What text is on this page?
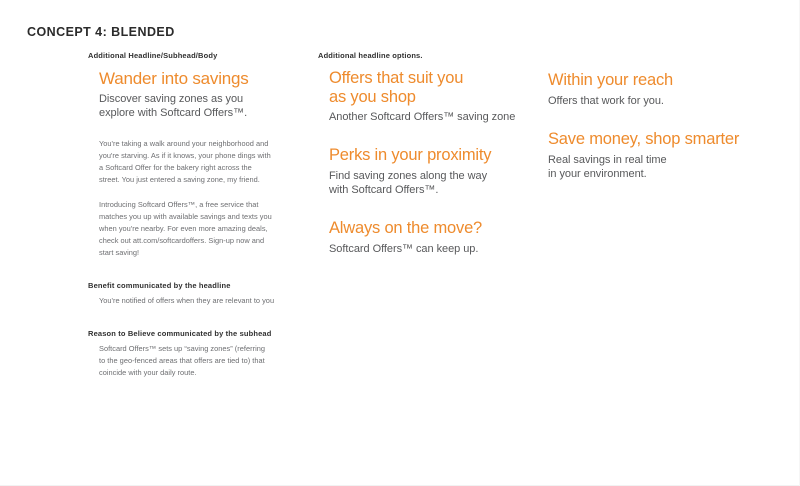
CONCEPT 4: BLENDED
Additional Headline/Subhead/Body
Wander into savings
Discover saving zones as you
explore with Softcard Offers™.
You're taking a walk around your neighborhood and
you're starving. As if it knows, your phone dings with
a Softcard Offer for the bakery right across the
street. You just entered a saving zone, my friend.
Introducing Softcard Offers™, a free service that
matches you up with available savings and texts you
when you're nearby. For even more amazing deals,
check out att.com/softcardoffers. Sign-up now and
start saving!
Benefit communicated by the headline
You're notified of offers when they are relevant to you
Reason to Believe communicated by the subhead
Softcard Offers™ sets up “saving zones” (referring
to the geo-fenced areas that offers are tied to) that
coincide with your daily route.
Additional headline options.
Offers that suit you
as you shop
Another Softcard Offers™ saving zone
Perks in your proximity
Find saving zones along the way
with Softcard Offers™.
Always on the move?
Softcard Offers™ can keep up.
Within your reach
Offers that work for you.
Save money, shop smarter
Real savings in real time
in your environment.
